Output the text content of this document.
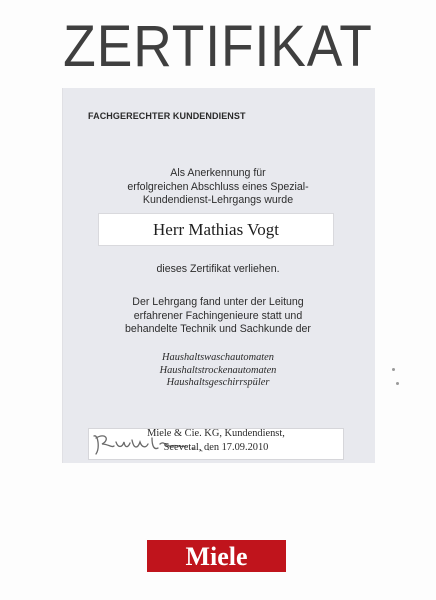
ZERTIFIKAT
FACHGERECHTER KUNDENDIENST
Als Anerkennung für
erfolgreichen Abschluss eines Spezial-
Kundendienst-Lehrgangs wurde
Herr Mathias Vogt
dieses Zertifikat verliehen.
Der Lehrgang fand unter der Leitung
erfahrener Fachingenieure statt und
behandelte Technik und Sachkunde der
Haushaltswaschautomaten
Haushaltstrockenautomaten
Haushaltsgeschirrspüler
Miele & Cie. KG, Kundendienst,
Seevetal, den 17.09.2010
Miele
